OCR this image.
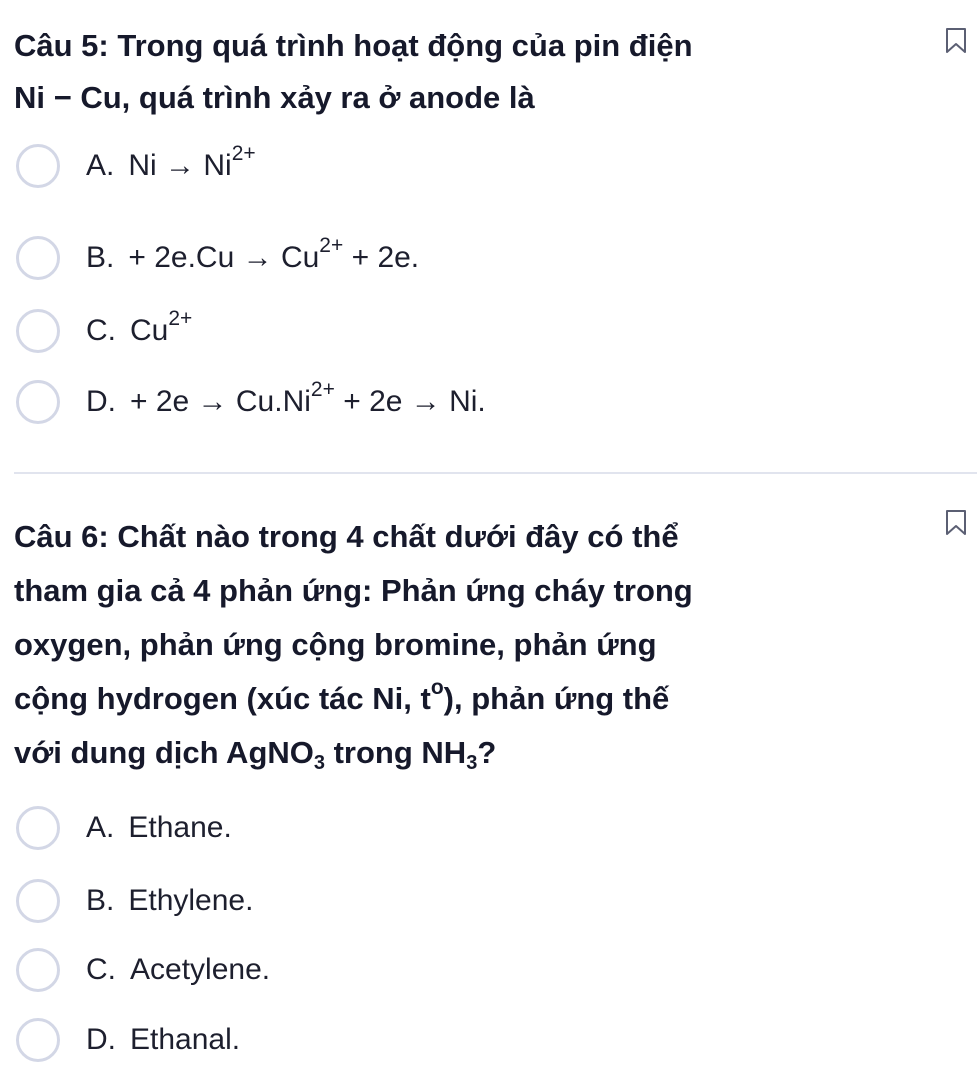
Câu 5: Trong quá trình hoạt động của pin điện
Ni − Cu, quá trình xảy ra ở anode là
A. $Ni \to Ni^{2+}$
B. + $2e.Cu \to Cu^{2+} + 2e$.
C. $Cu^{2+}$
D. + $2e \to Cu.Ni^{2+} + 2e \to Ni$.
Câu 6: Chất nào trong 4 chất dưới đây có thể
tham gia cả 4 phản ứng: Phản ứng cháy trong
oxygen, phản ứng cộng bromine, phản ứng
cộng hydrogen (xúc tác Ni, $t^o$), phản ứng thế
với dung dịch AgNO$_3$ trong $NH_3$?
A. Ethane.
B. Ethylene.
C. Acetylene.
D. Ethanal.
